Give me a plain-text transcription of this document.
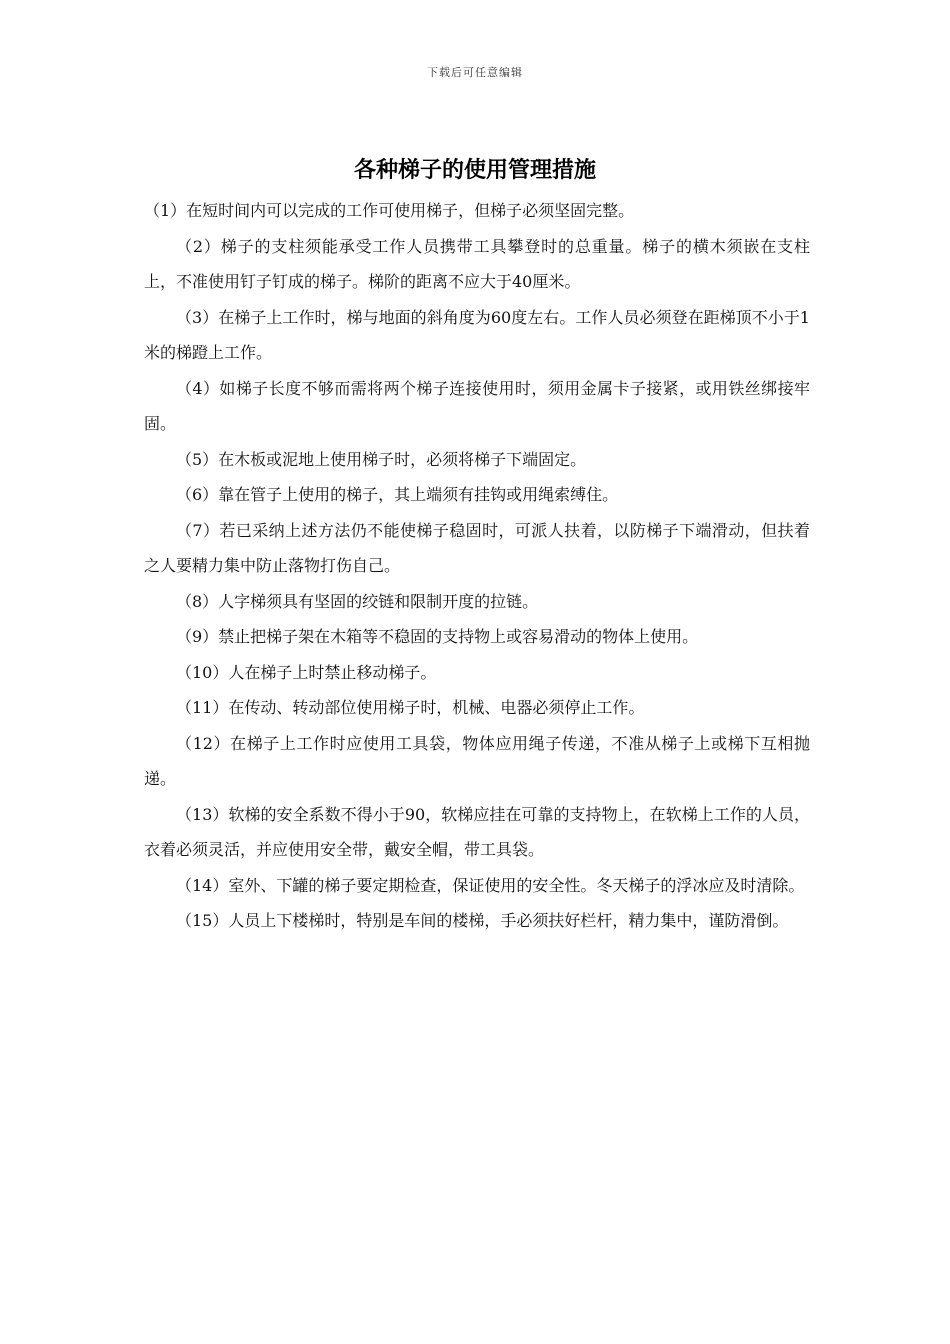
下载后可任意编辑
各种梯子的使用管理措施

（1）在短时间内可以完成的工作可使用梯子，但梯子必须坚固完整。

（2）梯子的支柱须能承受工作人员携带工具攀登时的总重量。梯子的横木须嵌在支柱上，不准使用钉子钉成的梯子。梯阶的距离不应大于40厘米。

（3）在梯子上工作时，梯与地面的斜角度为60度左右。工作人员必须登在距梯顶不小于1米的梯蹬上工作。

（4）如梯子长度不够而需将两个梯子连接使用时，须用金属卡子接紧，或用铁丝绑接牢固。

（5）在木板或泥地上使用梯子时，必须将梯子下端固定。

（6）靠在管子上使用的梯子，其上端须有挂钩或用绳索缚住。

（7）若已采纳上述方法仍不能使梯子稳固时，可派人扶着，以防梯子下端滑动，但扶着之人要精力集中防止落物打伤自己。

（8）人字梯须具有坚固的绞链和限制开度的拉链。

（9）禁止把梯子架在木箱等不稳固的支持物上或容易滑动的物体上使用。

（10）人在梯子上时禁止移动梯子。

（11）在传动、转动部位使用梯子时，机械、电器必须停止工作。

（12）在梯子上工作时应使用工具袋，物体应用绳子传递，不准从梯子上或梯下互相抛递。

（13）软梯的安全系数不得小于90，软梯应挂在可靠的支持物上，在软梯上工作的人员，衣着必须灵活，并应使用安全带，戴安全帽，带工具袋。

（14）室外、下罐的梯子要定期检查，保证使用的安全性。冬天梯子的浮冰应及时清除。

（15）人员上下楼梯时，特别是车间的楼梯，手必须扶好栏杆，精力集中，谨防滑倒。
